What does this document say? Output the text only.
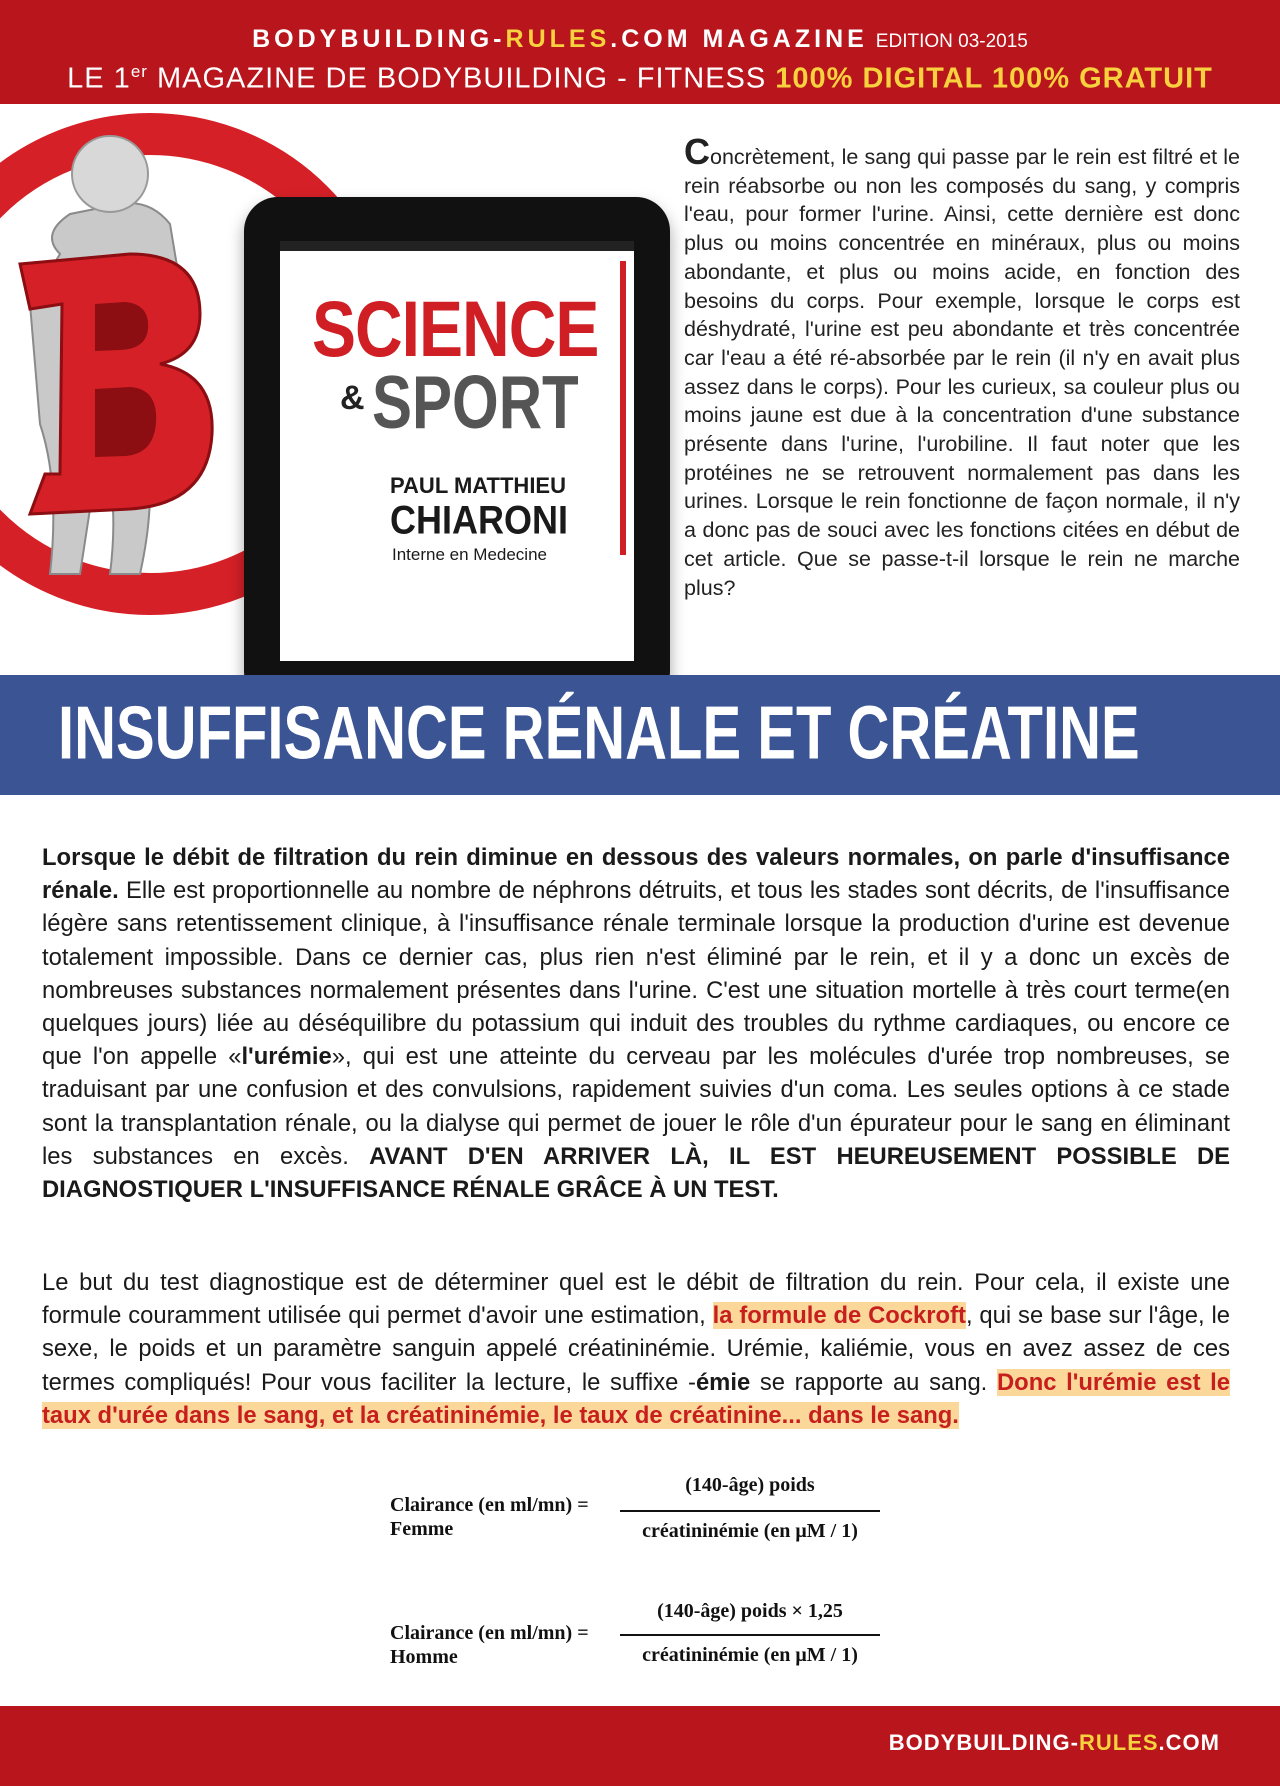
BODYBUILDING-RULES.COM MAGAZINE EDITION 03-2015
LE 1er MAGAZINE DE BODYBUILDING - FITNESS 100% DIGITAL 100% GRATUIT
SCIENCE
& SPORT
PAUL MATTHIEU
CHIARONI
Interne en Medecine
Concrètement, le sang qui passe par le rein est filtré et le rein réabsorbe ou non les composés du sang, y compris l'eau, pour former l'urine. Ainsi, cette dernière est donc plus ou moins concentrée en minéraux, plus ou moins abondante, et plus ou moins acide, en fonction des besoins du corps. Pour exemple, lorsque le corps est déshydraté, l'urine est peu abondante et très concentrée car l'eau a été ré-absorbée par le rein (il n'y en avait plus assez dans le corps). Pour les curieux, sa couleur plus ou moins jaune est due à la concentration d'une substance présente dans l'urine, l'urobiline. Il faut noter que les protéines ne se retrouvent normalement pas dans les urines. Lorsque le rein fonctionne de façon normale, il n'y a donc pas de souci avec les fonctions citées en début de cet article. Que se passe-t-il lorsque le rein ne marche plus?
INSUFFISANCE RÉNALE ET CRÉATINE
Lorsque le débit de filtration du rein diminue en dessous des valeurs normales, on parle d'insuffisance rénale. Elle est proportionnelle au nombre de néphrons détruits, et tous les stades sont décrits, de l'insuffisance légère sans retentissement clinique, à l'insuffisance rénale terminale lorsque la production d'urine est devenue totalement impossible. Dans ce dernier cas, plus rien n'est éliminé par le rein, et il y a donc un excès de nombreuses substances normalement présentes dans l'urine. C'est une situation mortelle à très court terme(en quelques jours) liée au déséquilibre du potassium qui induit des troubles du rythme cardiaques, ou encore ce que l'on appelle «l'urémie», qui est une atteinte du cerveau par les molécules d'urée trop nombreuses, se traduisant par une confusion et des convulsions, rapidement suivies d'un coma. Les seules options à ce stade sont la transplantation rénale, ou la dialyse qui permet de jouer le rôle d'un épurateur pour le sang en éliminant les substances en excès. AVANT D'EN ARRIVER LÀ, IL EST HEUREUSEMENT POSSIBLE DE DIAGNOSTIQUER L'INSUFFISANCE RÉNALE GRÂCE À UN TEST.
Le but du test diagnostique est de déterminer quel est le débit de filtration du rein. Pour cela, il existe une formule couramment utilisée qui permet d'avoir une estimation, la formule de Cockroft, qui se base sur l'âge, le sexe, le poids et un paramètre sanguin appelé créatininémie. Urémie, kaliémie, vous en avez assez de ces termes compliqués! Pour vous faciliter la lecture, le suffixe -émie se rapporte au sang. Donc l'urémie est le taux d'urée dans le sang, et la créatininémie, le taux de créatinine... dans le sang.
Clairance (en ml/mn) =
Femme
(140-âge) poids
créatininémie (en μM / 1)
Clairance (en ml/mn) =
Homme
(140-âge) poids × 1,25
créatininémie (en μM / 1)
BODYBUILDING-RULES.COM
